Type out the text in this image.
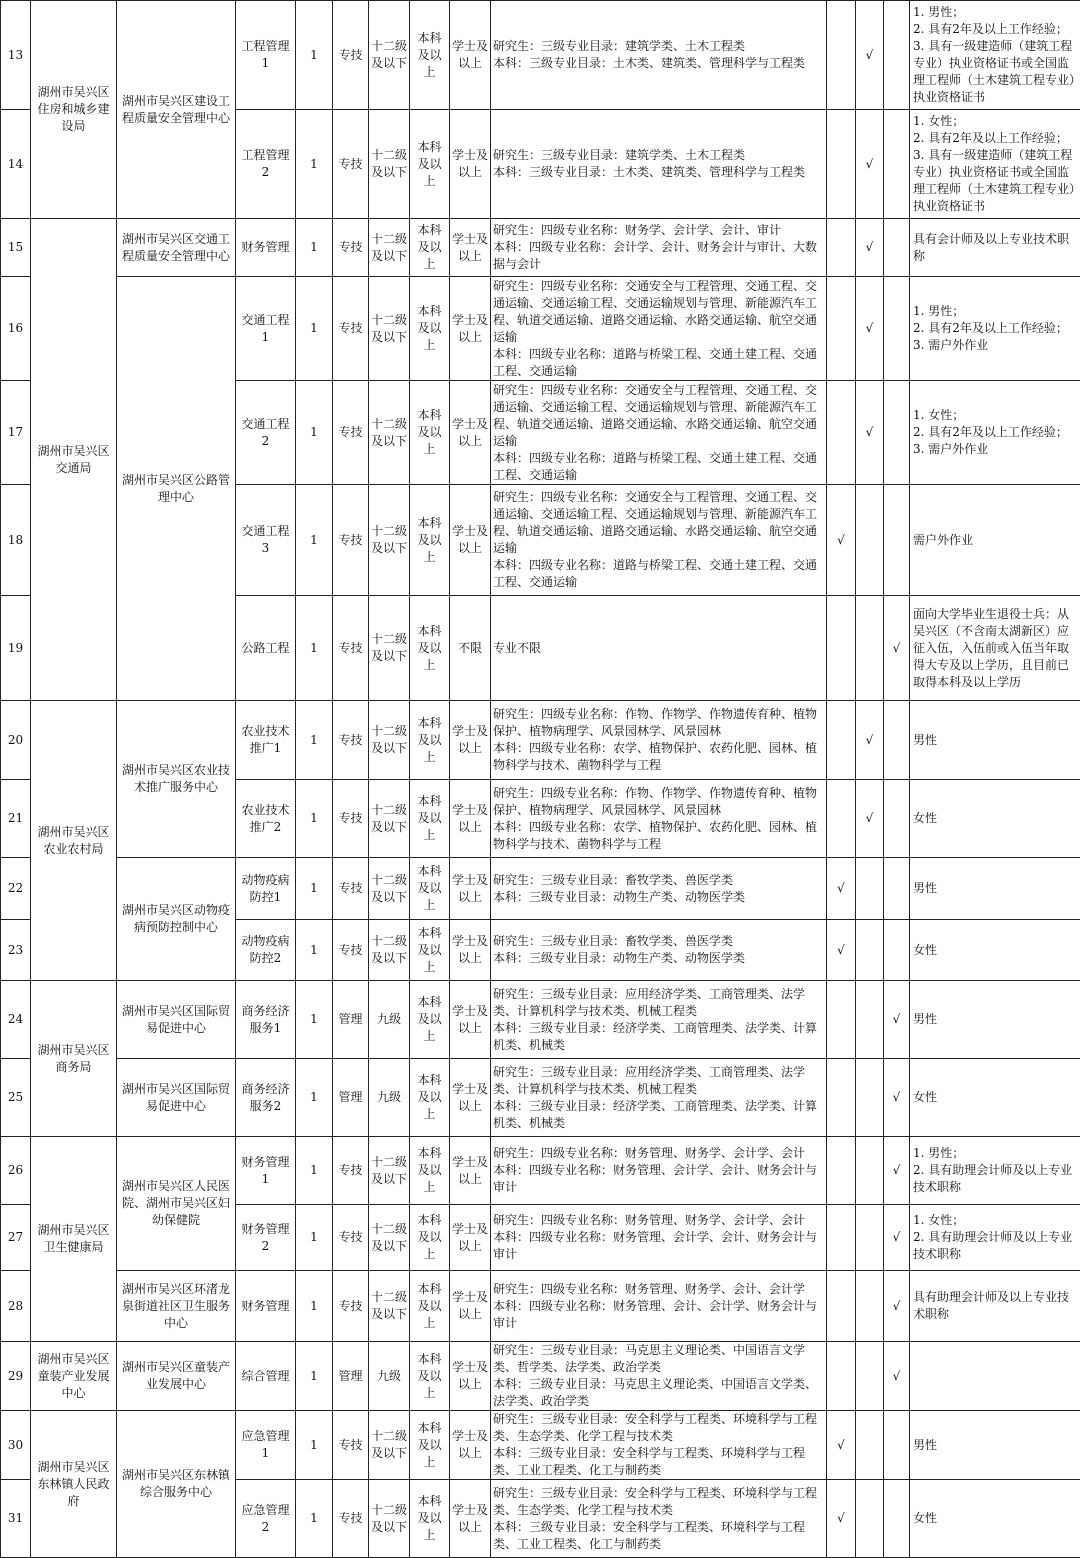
13	湖州市吴兴区住房和城乡建设局	湖州市吴兴区建设工程质量安全管理中心	工程管理1	1	专技	十二级及以下	本科及以上	学士及以上	研究生：三级专业目录：建筑学类、土木工程类
本科：三级专业目录：土木类、建筑类、管理科学与工程类		√		1. 男性；
2. 具有2年及以上工作经验；
3. 具有一级建造师（建筑工程专业）执业资格证书或全国监理工程师（土木建筑工程专业）执业资格证书

14			工程管理2	1	专技	十二级及以下	本科及以上	学士及以上	研究生：三级专业目录：建筑学类、土木工程类
本科：三级专业目录：土木类、建筑类、管理科学与工程类		√		1. 女性；
2. 具有2年及以上工作经验；
3. 具有一级建造师（建筑工程专业）执业资格证书或全国监理工程师（土木建筑工程专业）执业资格证书

15	湖州市吴兴区交通局	湖州市吴兴区交通工程质量安全管理中心	财务管理	1	专技	十二级及以下	本科及以上	学士及以上	研究生：四级专业名称：财务学、会计学、会计、审计
本科：四级专业名称：会计学、会计、财务会计与审计、大数据与会计		√		具有会计师及以上专业技术职称

16		湖州市吴兴区公路管理中心	交通工程1	1	专技	十二级及以下	本科及以上	学士及以上	研究生：四级专业名称：交通安全与工程管理、交通工程、交通运输、交通运输工程、交通运输规划与管理、新能源汽车工程、轨道交通运输、道路交通运输、水路交通运输、航空交通运输
本科：四级专业名称：道路与桥梁工程、交通土建工程、交通工程、交通运输		√		1. 男性；
2. 具有2年及以上工作经验；
3. 需户外作业

17			交通工程2	1	专技	十二级及以下	本科及以上	学士及以上	研究生：四级专业名称：交通安全与工程管理、交通工程、交通运输、交通运输工程、交通运输规划与管理、新能源汽车工程、轨道交通运输、道路交通运输、水路交通运输、航空交通运输
本科：四级专业名称：道路与桥梁工程、交通土建工程、交通工程、交通运输		√		1. 女性；
2. 具有2年及以上工作经验；
3. 需户外作业

18			交通工程3	1	专技	十二级及以下	本科及以上	学士及以上	研究生：四级专业名称：交通安全与工程管理、交通工程、交通运输、交通运输工程、交通运输规划与管理、新能源汽车工程、轨道交通运输、道路交通运输、水路交通运输、航空交通运输
本科：四级专业名称：道路与桥梁工程、交通土建工程、交通工程、交通运输	√			需户外作业

19			公路工程	1	专技	十二级及以下	本科及以上	不限	专业不限			√	面向大学毕业生退役士兵：从吴兴区（不含南太湖新区）应征入伍，入伍前或入伍当年取得大专及以上学历，且目前已取得本科及以上学历

20	湖州市吴兴区农业农村局	湖州市吴兴区农业技术推广服务中心	农业技术推广1	1	专技	十二级及以下	本科及以上	学士及以上	研究生：四级专业名称：作物、作物学、作物遗传育种、植物保护、植物病理学、风景园林学、风景园林
本科：四级专业名称：农学、植物保护、农药化肥、园林、植物科学与技术、菌物科学与工程		√		男性

21			农业技术推广2	1	专技	十二级及以下	本科及以上	学士及以上	研究生：四级专业名称：作物、作物学、作物遗传育种、植物保护、植物病理学、风景园林学、风景园林
本科：四级专业名称：农学、植物保护、农药化肥、园林、植物科学与技术、菌物科学与工程		√		女性

22		湖州市吴兴区动物疫病预防控制中心	动物疫病防控1	1	专技	十二级及以下	本科及以上	学士及以上	研究生：三级专业目录：畜牧学类、兽医学类
本科：三级专业目录：动物生产类、动物医学类	√			男性

23			动物疫病防控2	1	专技	十二级及以下	本科及以上	学士及以上	研究生：三级专业目录：畜牧学类、兽医学类
本科：三级专业目录：动物生产类、动物医学类	√			女性

24	湖州市吴兴区商务局	湖州市吴兴区国际贸易促进中心	商务经济服务1	1	管理	九级	本科及以上	学士及以上	研究生：三级专业目录：应用经济学类、工商管理类、法学类、计算机科学与技术类、机械工程类
本科：三级专业目录：经济学类、工商管理类、法学类、计算机类、机械类			√	男性

25		湖州市吴兴区国际贸易促进中心	商务经济服务2	1	管理	九级	本科及以上	学士及以上	研究生：三级专业目录：应用经济学类、工商管理类、法学类、计算机科学与技术类、机械工程类
本科：三级专业目录：经济学类、工商管理类、法学类、计算机类、机械类			√	女性

26	湖州市吴兴区卫生健康局	湖州市吴兴区人民医院、湖州市吴兴区妇幼保健院	财务管理1	1	专技	十二级及以下	本科及以上	学士及以上	研究生：四级专业名称：财务管理、财务学、会计学、会计
本科：四级专业名称：财务管理、会计学、会计、财务会计与审计			√	1. 男性；
2. 具有助理会计师及以上专业技术职称

27			财务管理2	1	专技	十二级及以下	本科及以上	学士及以上	研究生：四级专业名称：财务管理、财务学、会计学、会计
本科：四级专业名称：财务管理、会计学、会计、财务会计与审计			√	1. 女性；
2. 具有助理会计师及以上专业技术职称

28		湖州市吴兴区环渚龙泉街道社区卫生服务中心	财务管理	1	专技	十二级及以下	本科及以上	学士及以上	研究生：四级专业名称：财务管理、财务学、会计、会计学
本科：四级专业名称：财务管理、会计、会计学、财务会计与审计			√	具有助理会计师及以上专业技术职称

29	湖州市吴兴区童装产业发展中心	湖州市吴兴区童装产业发展中心	综合管理	1	管理	九级	本科及以上	学士及以上	研究生：三级专业目录：马克思主义理论类、中国语言文学类、哲学类、法学类、政治学类
本科：三级专业目录：马克思主义理论类、中国语言文学类、法学类、政治学类			√	
30	湖州市吴兴区东林镇人民政府	湖州市吴兴区东林镇综合服务中心	应急管理1	1	专技	十二级及以下	本科及以上	学士及以上	研究生：三级专业目录：安全科学与工程类、环境科学与工程类、生态学类、化学工程与技术类
本科：三级专业目录：安全科学与工程类、环境科学与工程类、工业工程类、化工与制药类	√			男性

31			应急管理2	1	专技	十二级及以下	本科及以上	学士及以上	研究生：三级专业目录：安全科学与工程类、环境科学与工程类、生态学类、化学工程与技术类
本科：三级专业目录：安全科学与工程类、环境科学与工程类、工业工程类、化工与制药类	√			女性
